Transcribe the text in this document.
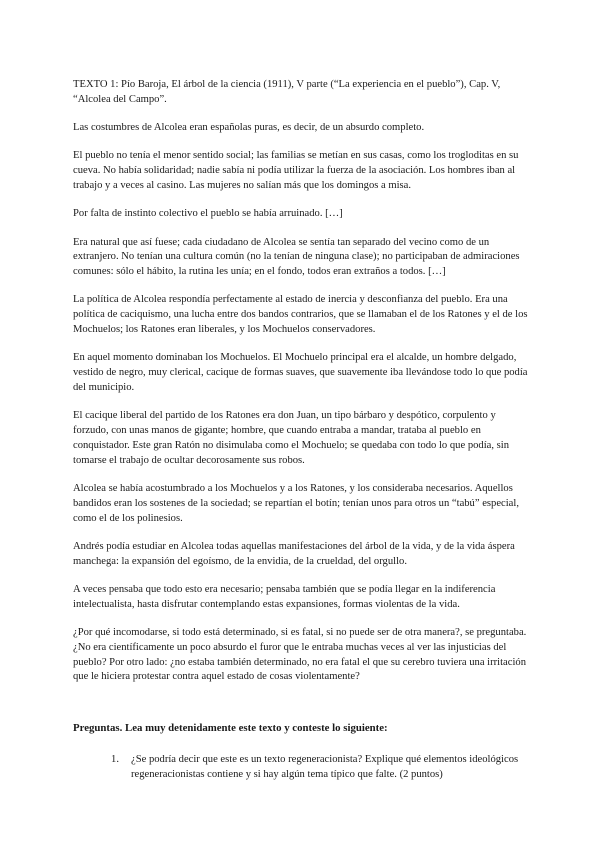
TEXTO 1: Pío Baroja, El árbol de la ciencia (1911), V parte (“La experiencia en el pueblo”), Cap. V, “Alcolea del Campo”.

Las costumbres de Alcolea eran españolas puras, es decir, de un absurdo completo.

El pueblo no tenía el menor sentido social; las familias se metían en sus casas, como los trogloditas en su cueva. No había solidaridad; nadie sabía ni podía utilizar la fuerza de la asociación. Los hombres iban al trabajo y a veces al casino. Las mujeres no salían más que los domingos a misa.

Por falta de instinto colectivo el pueblo se había arruinado. […]

Era natural que así fuese; cada ciudadano de Alcolea se sentía tan separado del vecino como de un extranjero. No tenían una cultura común (no la tenían de ninguna clase); no participaban de admiraciones comunes: sólo el hábito, la rutina les unía; en el fondo, todos eran extraños a todos. […]

La política de Alcolea respondía perfectamente al estado de inercia y desconfianza del pueblo. Era una política de caciquismo, una lucha entre dos bandos contrarios, que se llamaban el de los Ratones y el de los Mochuelos; los Ratones eran liberales, y los Mochuelos conservadores.

En aquel momento dominaban los Mochuelos. El Mochuelo principal era el alcalde, un hombre delgado, vestido de negro, muy clerical, cacique de formas suaves, que suavemente iba llevándose todo lo que podía del municipio.

El cacique liberal del partido de los Ratones era don Juan, un tipo bárbaro y despótico, corpulento y forzudo, con unas manos de gigante; hombre, que cuando entraba a mandar, trataba al pueblo en conquistador. Este gran Ratón no disimulaba como el Mochuelo; se quedaba con todo lo que podía, sin tomarse el trabajo de ocultar decorosamente sus robos.

Alcolea se había acostumbrado a los Mochuelos y a los Ratones, y los consideraba necesarios. Aquellos bandidos eran los sostenes de la sociedad; se repartían el botín; tenían unos para otros un “tabú” especial, como el de los polinesios.

Andrés podía estudiar en Alcolea todas aquellas manifestaciones del árbol de la vida, y de la vida áspera manchega: la expansión del egoísmo, de la envidia, de la crueldad, del orgullo.

A veces pensaba que todo esto era necesario; pensaba también que se podía llegar en la indiferencia intelectualista, hasta disfrutar contemplando estas expansiones, formas violentas de la vida.

¿Por qué incomodarse, si todo está determinado, si es fatal, si no puede ser de otra manera?, se preguntaba. ¿No era científicamente un poco absurdo el furor que le entraba muchas veces al ver las injusticias del pueblo? Por otro lado: ¿no estaba también determinado, no era fatal el que su cerebro tuviera una irritación que le hiciera protestar contra aquel estado de cosas violentamente?

Preguntas. Lea muy detenidamente este texto y conteste lo siguiente:

1.	¿Se podría decir que este es un texto regeneracionista? Explique qué elementos ideológicos regeneracionistas contiene y si hay algún tema típico que falte. (2 puntos)
